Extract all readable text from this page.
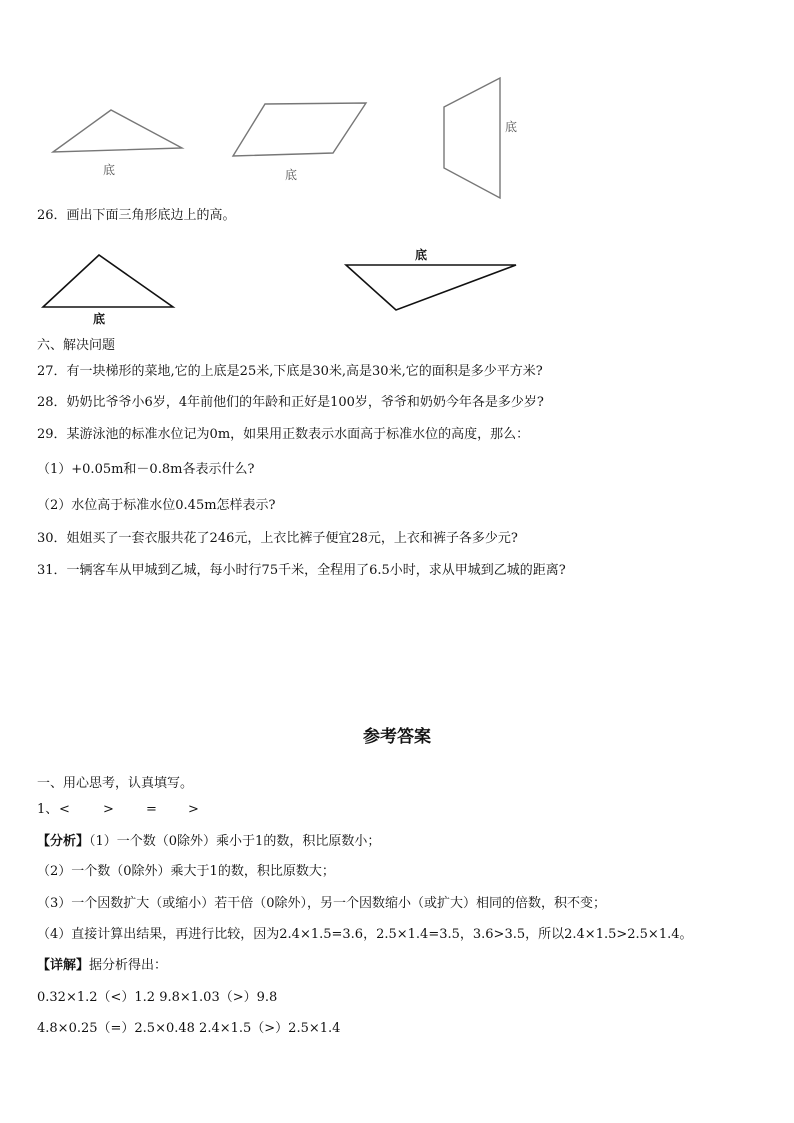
底	底
底
26．画出下面三角形底边上的高。
底
底
六、解决问题
27．有一块梯形的菜地,它的上底是25米,下底是30米,高是30米,它的面积是多少平方米?
28．奶奶比爷爷小6岁，4年前他们的年龄和正好是100岁，爷爷和奶奶今年各是多少岁?
29．某游泳池的标准水位记为0m，如果用正数表示水面高于标准水位的高度，那么：
（1）+0.05m和－0.8m各表示什么?
（2）水位高于标准水位0.45m怎样表示?
30．姐姐买了一套衣服共花了246元，上衣比裤子便宜28元，上衣和裤子各多少元?
31．一辆客车从甲城到乙城，每小时行75千米，全程用了6.5小时，求从甲城到乙城的距离?
参考答案
一、用心思考，认真填写。
1、 <	> = >
【分析】（1）一个数（0除外）乘小于1的数，积比原数小；
（2）一个数（0除外）乘大于1的数，积比原数大；
（3）一个因数扩大（或缩小）若干倍（0除外），另一个因数缩小（或扩大）相同的倍数，积不变；
（4）直接计算出结果，再进行比较，因为2.4×1.5=3.6，2.5×1.4=3.5，3.6>3.5，所以2.4×1.5>2.5×1.4。
【详解】据分析得出：
0.32×1.2（<）1.2 9.8×1.03（>）9.8
4.8×0.25（=）2.5×0.48 2.4×1.5（>）2.5×1.4
